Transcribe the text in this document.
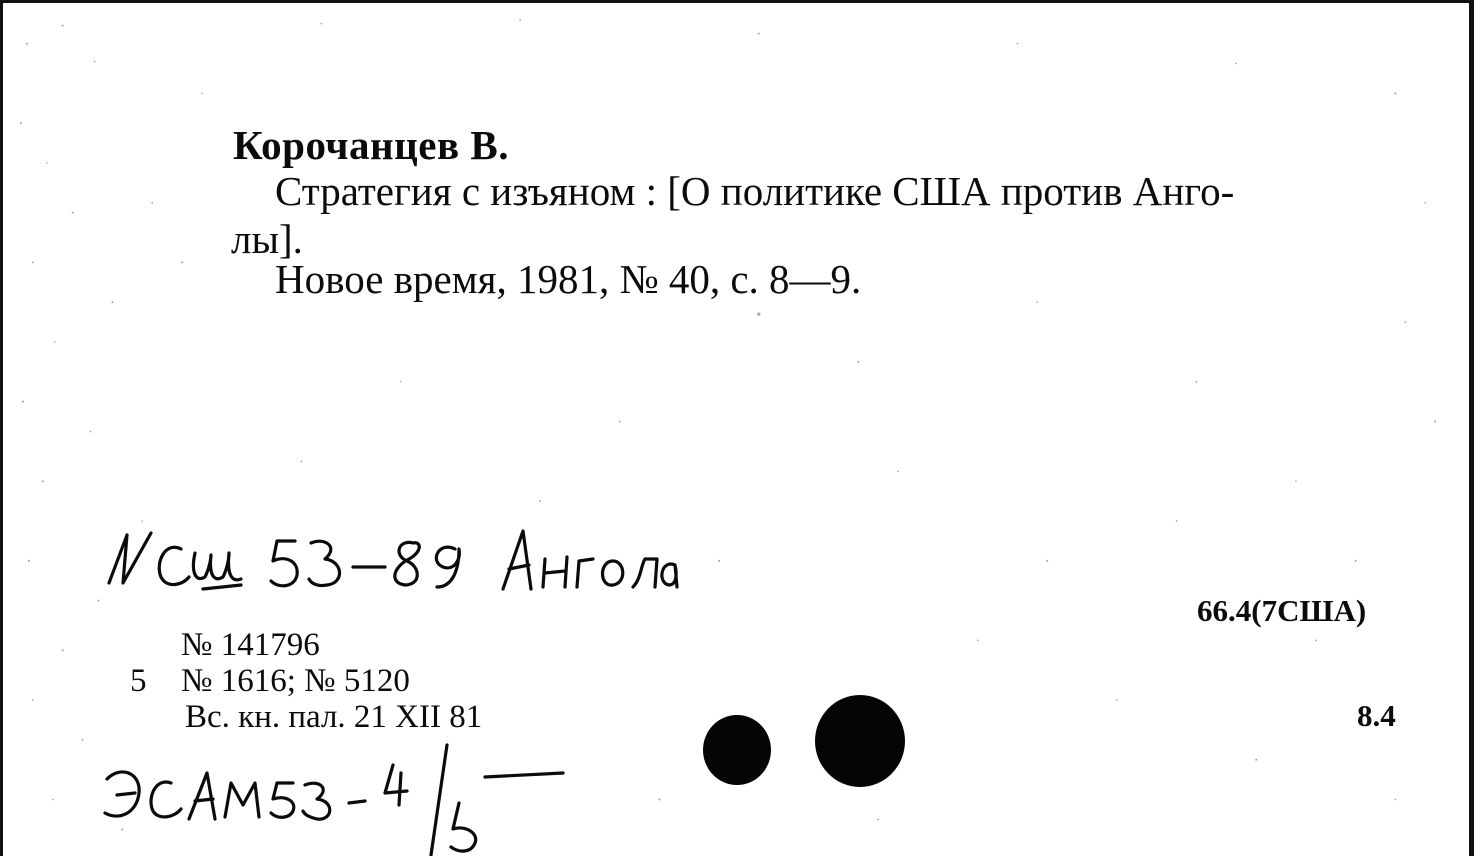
Корочанцев В.
Стратегия с изъяном : [О политике США против Анго-
лы].
Новое время, 1981, № 40, с. 8—9.
№ 141796
5 № 1616; № 5120
Вс. кн. пал. 21 XII 81
66.4(7США)
8.4
